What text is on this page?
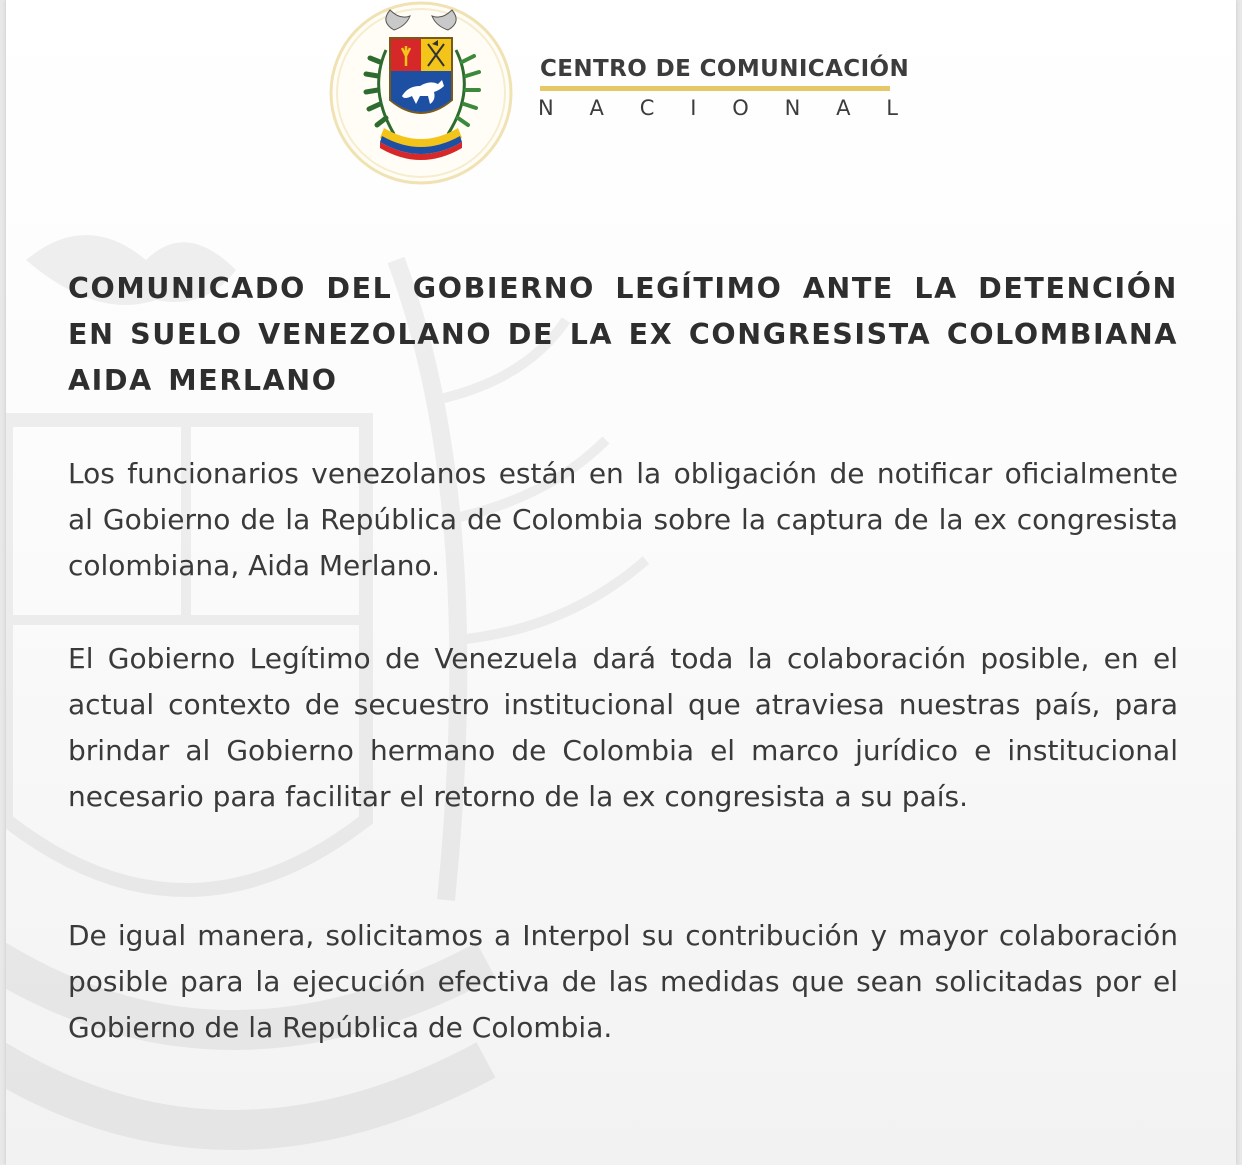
CENTRO DE COMUNICACIÓN
N A C I O N A L
COMUNICADO DEL GOBIERNO LEGÍTIMO ANTE LA DETENCIÓN EN SUELO VENEZOLANO DE LA EX CONGRESISTA COLOMBIANA AIDA MERLANO

Los funcionarios venezolanos están en la obligación de notificar oficialmente al Gobierno de la República de Colombia sobre la captura de la ex congresista colombiana, Aida Merlano.

El Gobierno Legítimo de Venezuela dará toda la colaboración posible, en el actual contexto de secuestro institucional que atraviesa nuestras país, para brindar al Gobierno hermano de Colombia el marco jurídico e institucional necesario para facilitar el retorno de la ex congresista a su país.

De igual manera, solicitamos a Interpol su contribución y mayor colaboración posible para la ejecución efectiva de las medidas que sean solicitadas por el Gobierno de la República de Colombia.
